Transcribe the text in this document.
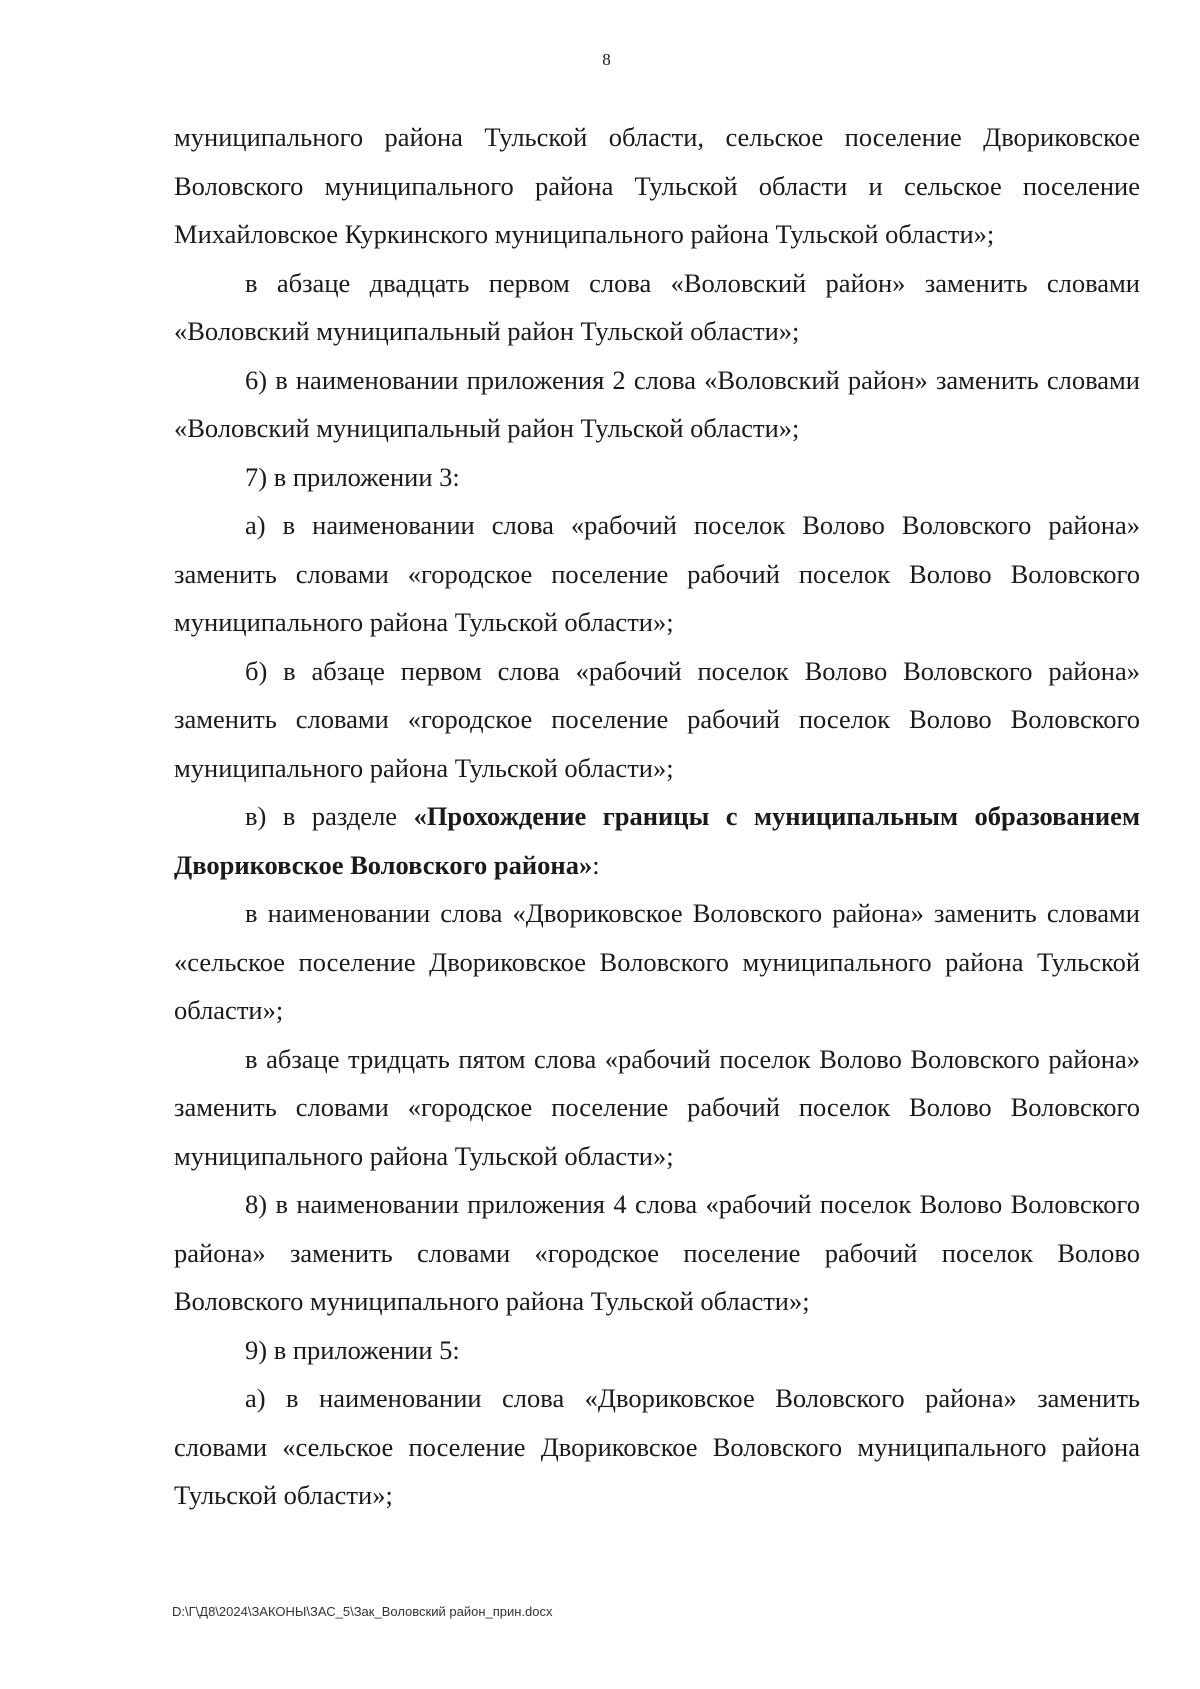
8

муниципального района Тульской области, сельское поселение Двориковское Воловского муниципального района Тульской области и сельское поселение Михайловское Куркинского муниципального района Тульской области»;

в абзаце двадцать первом слова «Воловский район» заменить словами «Воловский муниципальный район Тульской области»;

6) в наименовании приложения 2 слова «Воловский район» заменить словами «Воловский муниципальный район Тульской области»;

7) в приложении 3:

а) в наименовании слова «рабочий поселок Волово Воловского района» заменить словами «городское поселение рабочий поселок Волово Воловского муниципального района Тульской области»;

б) в абзаце первом слова «рабочий поселок Волово Воловского района» заменить словами «городское поселение рабочий поселок Волово Воловского муниципального района Тульской области»;

в) в разделе «Прохождение границы с муниципальным образованием Двориковское Воловского района»:

в наименовании слова «Двориковское Воловского района» заменить словами «сельское поселение Двориковское Воловского муниципального района Тульской области»;

в абзаце тридцать пятом слова «рабочий поселок Волово Воловского района» заменить словами «городское поселение рабочий поселок Волово Воловского муниципального района Тульской области»;

8) в наименовании приложения 4 слова «рабочий поселок Волово Воловского района» заменить словами «городское поселение рабочий поселок Волово Воловского муниципального района Тульской области»;

9) в приложении 5:

а) в наименовании слова «Двориковское Воловского района» заменить словами «сельское поселение Двориковское Воловского муниципального района Тульской области»;

D:\Г\Д8\2024\ЗАКОНЫ\ЗАС_5\Зак_Воловский район_прин.docx
